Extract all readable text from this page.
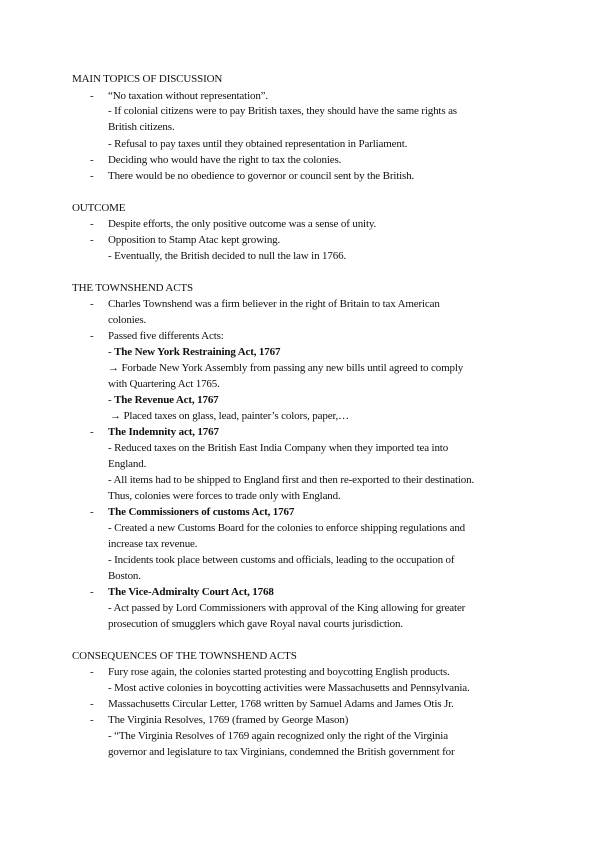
MAIN TOPICS OF DISCUSSION
- “No taxation without representation”.
- If colonial citizens were to pay British taxes, they should have the same rights as
British citizens.
- Refusal to pay taxes until they obtained representation in Parliament.
- Deciding who would have the right to tax the colonies.
- There would be no obedience to governor or council sent by the British.
OUTCOME
- Despite efforts, the only positive outcome was a sense of unity.
- Opposition to Stamp Atac kept growing.
- Eventually, the British decided to null the law in 1766.
THE TOWNSHEND ACTS
- Charles Townshend was a firm believer in the right of Britain to tax American
colonies.
- Passed five differents Acts:
- The New York Restraining Act, 1767
→ Forbade New York Assembly from passing any new bills until agreed to comply
with Quartering Act 1765.
- The Revenue Act, 1767
→ Placed taxes on glass, lead, painter’s colors, paper,…
- The Indemnity act, 1767
- Reduced taxes on the British East India Company when they imported tea into
England.
- All items had to be shipped to England first and then re-exported to their destination.
Thus, colonies were forces to trade only with England.
- The Commissioners of customs Act, 1767
- Created a new Customs Board for the colonies to enforce shipping regulations and
increase tax revenue.
- Incidents took place between customs and officials, leading to the occupation of
Boston.
- The Vice-Admiralty Court Act, 1768
- Act passed by Lord Commissioners with approval of the King allowing for greater
prosecution of smugglers which gave Royal naval courts jurisdiction.
CONSEQUENCES OF THE TOWNSHEND ACTS
- Fury rose again, the colonies started protesting and boycotting English products.
- Most active colonies in boycotting activities were Massachusetts and Pennsylvania.
- Massachusetts Circular Letter, 1768 written by Samuel Adams and James Otis Jr.
- The Virginia Resolves, 1769 (framed by George Mason)
- “The Virginia Resolves of 1769 again recognized only the right of the Virginia
governor and legislature to tax Virginians, condemned the British government for
